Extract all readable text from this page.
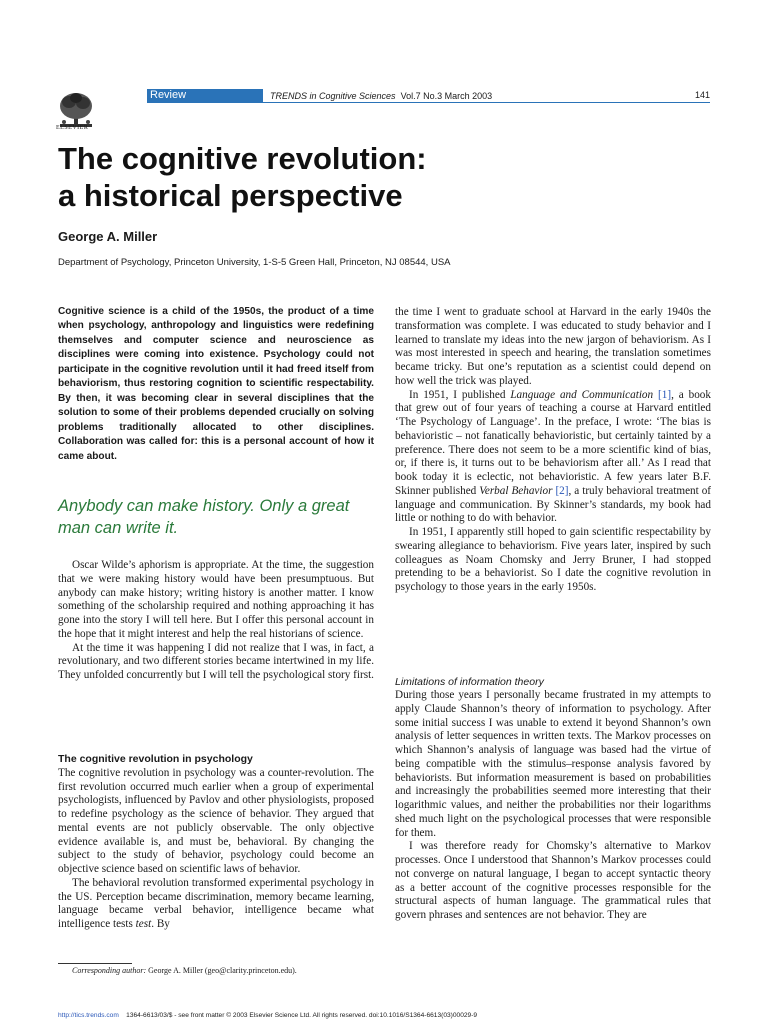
ELSEVIER
Review	TRENDS in Cognitive Sciences Vol.7 No.3 March 2003	141
The cognitive revolution:
a historical perspective
George A. Miller
Department of Psychology, Princeton University, 1-S-5 Green Hall, Princeton, NJ 08544, USA
Cognitive science is a child of the 1950s, the product of a time when psychology, anthropology and linguistics were redefining themselves and computer science and neuroscience as disciplines were coming into existence. Psychology could not participate in the cognitive revolution until it had freed itself from behaviorism, thus restoring cognition to scientific respectability. By then, it was becoming clear in several disciplines that the solution to some of their problems depended crucially on solving problems traditionally allocated to other disciplines. Collaboration was called for: this is a personal account of how it came about.
Anybody can make history. Only a great man can write it.

Oscar Wilde’s aphorism is appropriate. At the time, the suggestion that we were making history would have been presumptuous. But anybody can make history; writing history is another matter. I know something of the scholarship required and nothing approaching it has gone into the story I will tell here. But I offer this personal account in the hope that it might interest and help the real historians of science.

At the time it was happening I did not realize that I was, in fact, a revolutionary, and two different stories became intertwined in my life. They unfolded concurrently but I will tell the psychological story first.

The cognitive revolution in psychology

The cognitive revolution in psychology was a counter-revolution. The first revolution occurred much earlier when a group of experimental psychologists, influenced by Pavlov and other physiologists, proposed to redefine psychology as the science of behavior. They argued that mental events are not publicly observable. The only objective evidence available is, and must be, behavioral. By changing the subject to the study of behavior, psychology could become an objective science based on scientific laws of behavior.

The behavioral revolution transformed experimental psychology in the US. Perception became discrimination, memory became learning, language became verbal behavior, intelligence became what intelligence tests test. By

Corresponding author: George A. Miller (geo@clarity.princeton.edu).

the time I went to graduate school at Harvard in the early 1940s the transformation was complete. I was educated to study behavior and I learned to translate my ideas into the new jargon of behaviorism. As I was most interested in speech and hearing, the translation sometimes became tricky. But one’s reputation as a scientist could depend on how well the trick was played.

In 1951, I published Language and Communication [1], a book that grew out of four years of teaching a course at Harvard entitled ‘The Psychology of Language’. In the preface, I wrote: ‘The bias is behavioristic – not fanatically behavioristic, but certainly tainted by a preference. There does not seem to be a more scientific kind of bias, or, if there is, it turns out to be behaviorism after all.’ As I read that book today it is eclectic, not behavioristic. A few years later B.F. Skinner published Verbal Behavior [2], a truly behavioral treatment of language and communication. By Skinner’s standards, my book had little or nothing to do with behavior.

In 1951, I apparently still hoped to gain scientific respectability by swearing allegiance to behaviorism. Five years later, inspired by such colleagues as Noam Chomsky and Jerry Bruner, I had stopped pretending to be a behaviorist. So I date the cognitive revolution in psychology to those years in the early 1950s.

Limitations of information theory

During those years I personally became frustrated in my attempts to apply Claude Shannon’s theory of information to psychology. After some initial success I was unable to extend it beyond Shannon’s own analysis of letter sequences in written texts. The Markov processes on which Shannon’s analysis of language was based had the virtue of being compatible with the stimulus–response analysis favored by behaviorists. But information measurement is based on probabilities and increasingly the probabilities seemed more interesting that their logarithmic values, and neither the probabilities nor their logarithms shed much light on the psychological processes that were responsible for them.

I was therefore ready for Chomsky’s alternative to Markov processes. Once I understood that Shannon’s Markov processes could not converge on natural language, I began to accept syntactic theory as a better account of the cognitive processes responsible for the structural aspects of human language. The grammatical rules that govern phrases and sentences are not behavior. They are

http://tics.trends.com 1364-6613/03/$ - see front matter © 2003 Elsevier Science Ltd. All rights reserved. doi:10.1016/S1364-6613(03)00029-9
